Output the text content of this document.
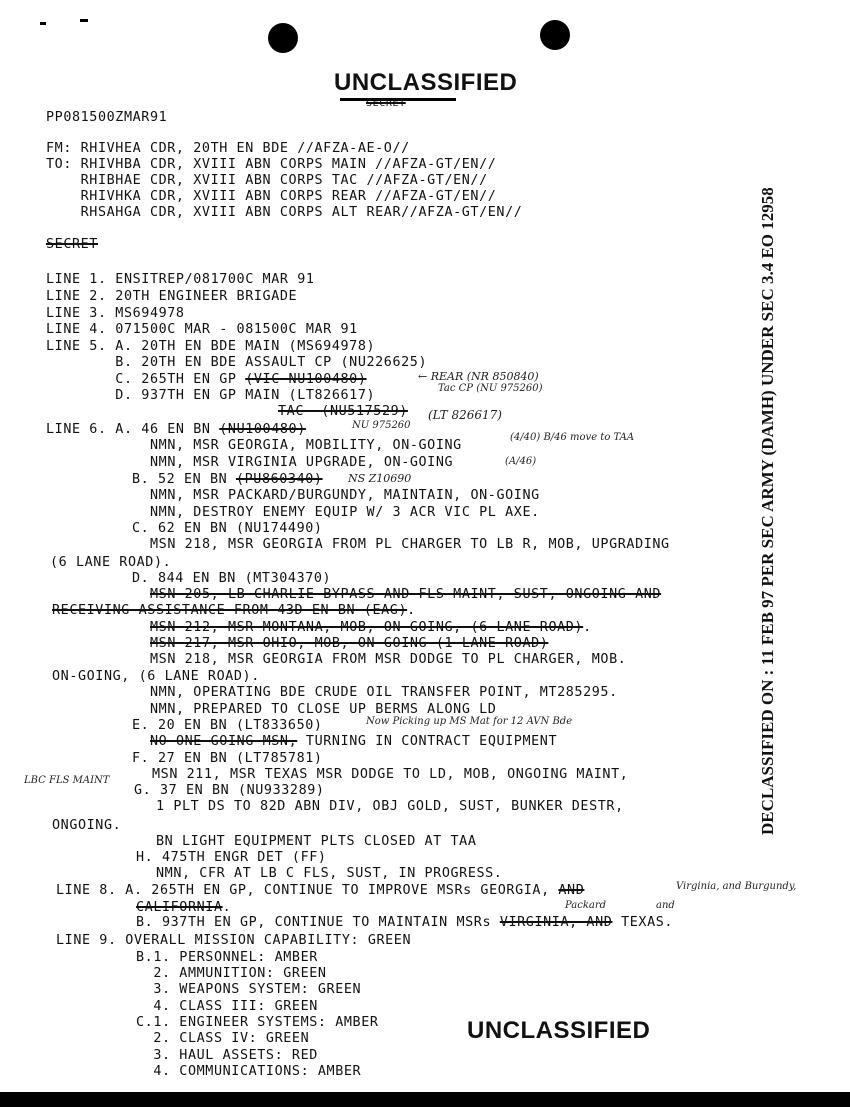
UNCLASSIFIED
SECRET
PP081500ZMAR91
FM: RHIVHEA CDR, 20TH EN BDE //AFZA-AE-O//
TO: RHIVHBA CDR, XVIII ABN CORPS MAIN //AFZA-GT/EN//
RHIBHAE CDR, XVIII ABN CORPS TAC //AFZA-GT/EN//
RHIVHKA CDR, XVIII ABN CORPS REAR //AFZA-GT/EN//
RHSAHGA CDR, XVIII ABN CORPS ALT REAR//AFZA-GT/EN//
SECRET
LINE 1. ENSITREP/081700C MAR 91
LINE 2. 20TH ENGINEER BRIGADE
LINE 3. MS694978
LINE 4. 071500C MAR - 081500C MAR 91
LINE 5. A. 20TH EN BDE MAIN (MS694978)
B. 20TH EN BDE ASSAULT CP (NU226625)
C. 265TH EN GP (VIC NU100480)	← REAR (NR 850840)
D. 937TH EN GP MAIN (LT826617)	Tac CP (NU 975260)
TAC  (NU517529) (LT 826617)
LINE 6. A. 46 EN BN (NU100480)	NU 975260
NMN, MSR GEORGIA, MOBILITY, ON-GOING
(4/40) B/46 move to TAA
NMN, MSR VIRGINIA UPGRADE, ON-GOING	(A/46)
B. 52 EN BN (PU860340) NS Z10690
NMN, MSR PACKARD/BURGUNDY, MAINTAIN, ON-GOING
NMN, DESTROY ENEMY EQUIP W/ 3 ACR VIC PL AXE.
C. 62 EN BN (NU174490)
MSN 218, MSR GEORGIA FROM PL CHARGER TO LB R, MOB, UPGRADING
(6 LANE ROAD).
D. 844 EN BN (MT304370)
MSN 205, LB CHARLIE BYPASS AND FLS MAINT, SUST, ONGOING AND
RECEIVING ASSISTANCE FROM 43D EN BN (EAG).
MSN 212, MSR MONTANA, MOB, ON-GOING, (6 LANE ROAD).
MSN 217, MSR OHIO, MOB, ON GOING (1 LANE ROAD)
MSN 218, MSR GEORGIA FROM MSR DODGE TO PL CHARGER, MOB.
ON-GOING, (6 LANE ROAD).
NMN, OPERATING BDE CRUDE OIL TRANSFER POINT, MT285295.
NMN, PREPARED TO CLOSE UP BERMS ALONG LD
E. 20 EN BN (LT833650)	Now Picking up MS Mat for 12 AVN Bde
NO ONE GOING MSN, TURNING IN CONTRACT EQUIPMENT
F. 27 EN BN (LT785781)
LBC FLS MAINT	MSN 211, MSR TEXAS MSR DODGE TO LD, MOB, ONGOING MAINT,
G. 37 EN BN (NU933289)
1 PLT DS TO 82D ABN DIV, OBJ GOLD, SUST, BUNKER DESTR,
ONGOING.
BN LIGHT EQUIPMENT PLTS CLOSED AT TAA
H. 475TH ENGR DET (FF)
NMN, CFR AT LB C FLS, SUST, IN PROGRESS.
LINE 8. A. 265TH EN GP, CONTINUE TO IMPROVE MSRs GEORGIA, AND	Virginia, and Burgundy,
CALIFORNIA.
B. 937TH EN GP, CONTINUE TO MAINTAIN MSRs VIRGINIA, AND TEXAS.
Packard	and
LINE 9. OVERALL MISSION CAPABILITY: GREEN
B.1. PERSONNEL: AMBER
2. AMMUNITION: GREEN
3. WEAPONS SYSTEM: GREEN
4. CLASS III: GREEN
C.1. ENGINEER SYSTEMS: AMBER
2. CLASS IV: GREEN
3. HAUL ASSETS: RED
4. COMMUNICATIONS: AMBER
UNCLASSIFIED
DECLASSIFIED ON : 11 FEB 97 PER SEC ARMY (DAMH) UNDER SEC 3.4 EO 12958
